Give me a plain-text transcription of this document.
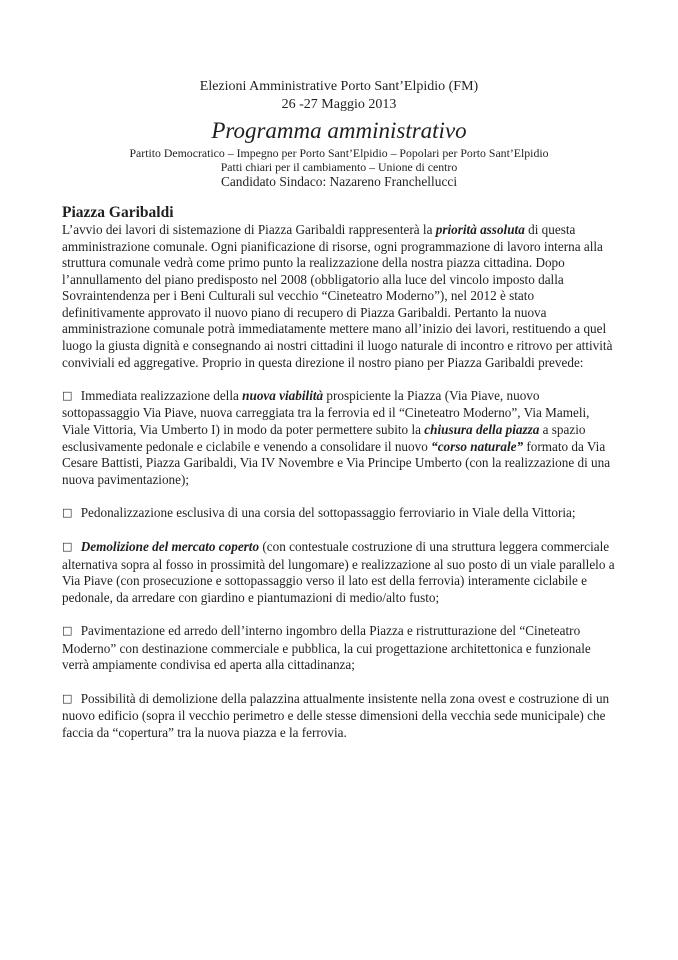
Elezioni Amministrative Porto Sant’Elpidio (FM)
26 -27 Maggio 2013
Programma amministrativo
Partito Democratico – Impegno per Porto Sant’Elpidio – Popolari per Porto Sant’Elpidio
Patti chiari per il cambiamento – Unione di centro
Candidato Sindaco: Nazareno Franchellucci
Piazza Garibaldi

L’avvio dei lavori di sistemazione di Piazza Garibaldi rappresenterà la priorità assoluta di questa amministrazione comunale. Ogni pianificazione di risorse, ogni programmazione di lavoro interna alla struttura comunale vedrà come primo punto la realizzazione della nostra piazza cittadina. Dopo l’annullamento del piano predisposto nel 2008 (obbligatorio alla luce del vincolo imposto dalla Sovraintendenza per i Beni Culturali sul vecchio “Cineteatro Moderno”), nel 2012 è stato definitivamente approvato il nuovo piano di recupero di Piazza Garibaldi. Pertanto la nuova amministrazione comunale potrà immediatamente mettere mano all’inizio dei lavori, restituendo a quel luogo la giusta dignità e consegnando ai nostri cittadini il luogo naturale di incontro e ritrovo per attività conviviali ed aggregative. Proprio in questa direzione il nostro piano per Piazza Garibaldi prevede:

□ Immediata realizzazione della nuova viabilità prospiciente la Piazza (Via Piave, nuovo sottopassaggio Via Piave, nuova carreggiata tra la ferrovia ed il “Cineteatro Moderno”, Via Mameli, Viale Vittoria, Via Umberto I) in modo da poter permettere subito la chiusura della piazza a spazio esclusivamente pedonale e ciclabile e venendo a consolidare il nuovo “corso naturale” formato da Via Cesare Battisti, Piazza Garibaldi, Via IV Novembre e Via Principe Umberto (con la realizzazione di una nuova pavimentazione);

□ Pedonalizzazione esclusiva di una corsia del sottopassaggio ferroviario in Viale della Vittoria;

□ Demolizione del mercato coperto (con contestuale costruzione di una struttura leggera commerciale alternativa sopra al fosso in prossimità del lungomare) e realizzazione al suo posto di un viale parallelo a Via Piave (con prosecuzione e sottopassaggio verso il lato est della ferrovia) interamente ciclabile e pedonale, da arredare con giardino e piantumazioni di medio/alto fusto;

□ Pavimentazione ed arredo dell’interno ingombro della Piazza e ristrutturazione del “Cineteatro Moderno” con destinazione commerciale e pubblica, la cui progettazione architettonica e funzionale verrà ampiamente condivisa ed aperta alla cittadinanza;

□ Possibilità di demolizione della palazzina attualmente insistente nella zona ovest e costruzione di un nuovo edificio (sopra il vecchio perimetro e delle stesse dimensioni della vecchia sede municipale) che faccia da “copertura” tra la nuova piazza e la ferrovia.
